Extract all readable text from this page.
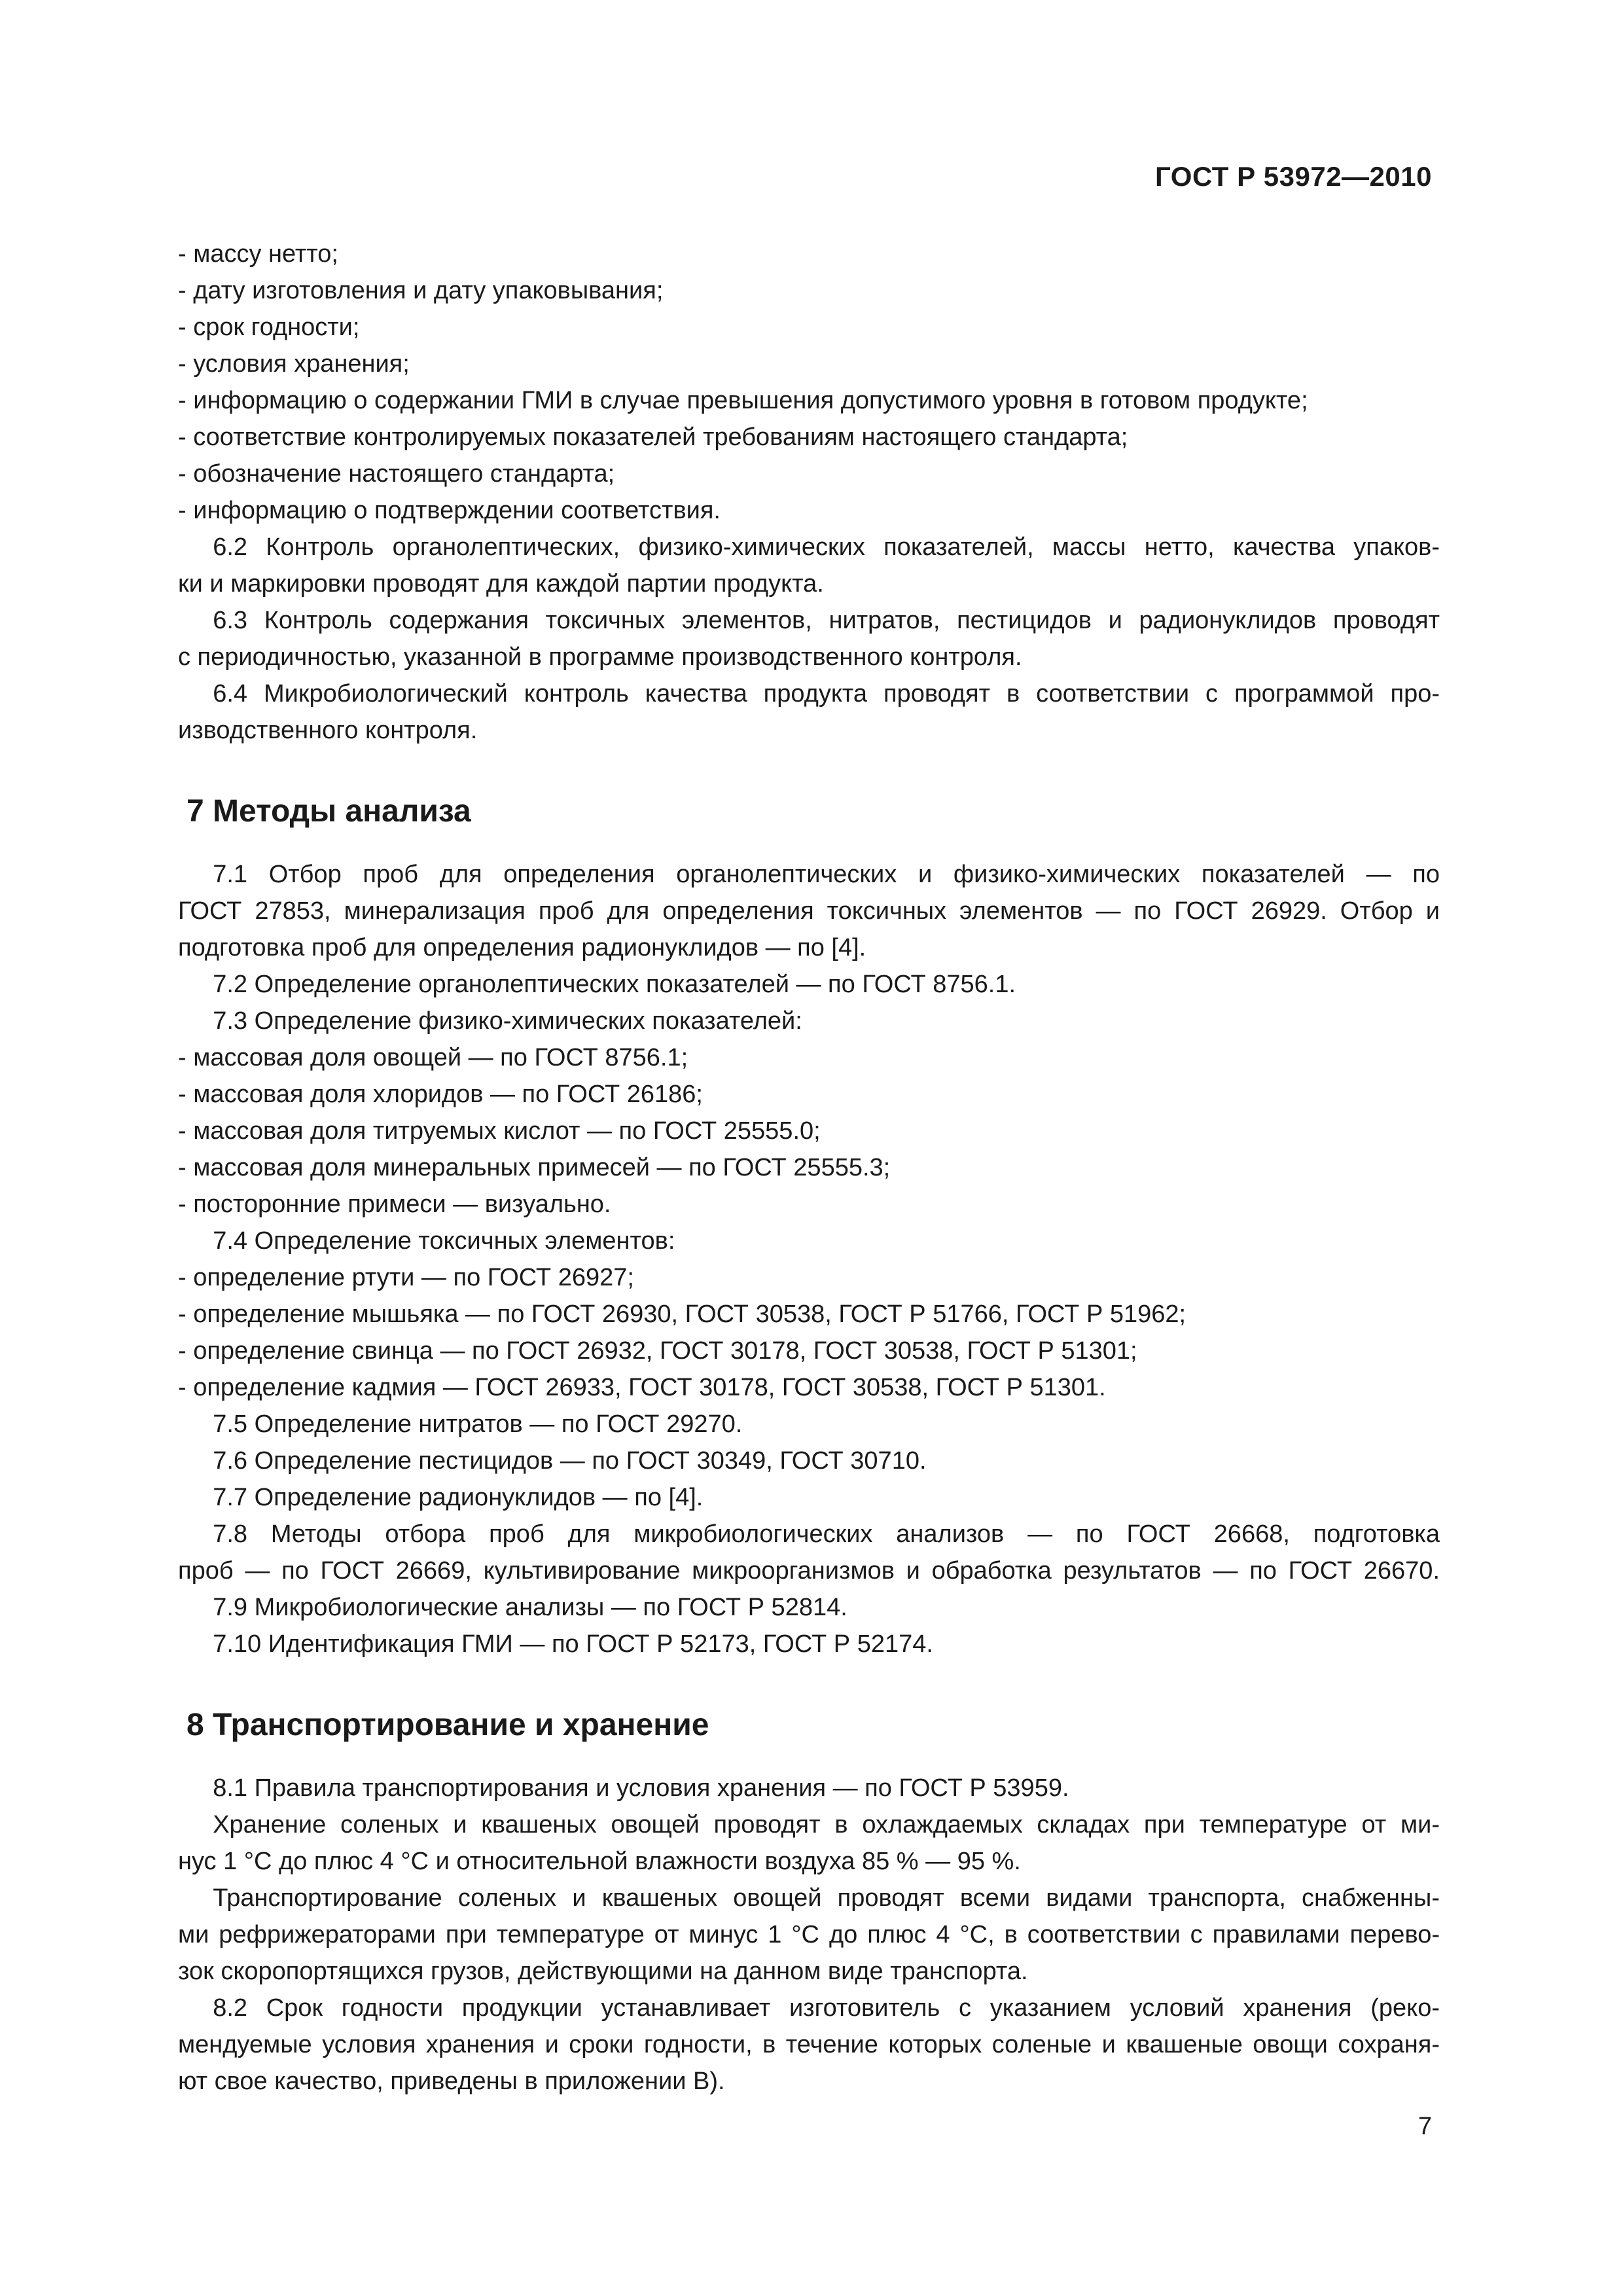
ГОСТ Р 53972—2010

- массу нетто;

- дату изготовления и дату упаковывания;

- срок годности;

- условия хранения;

- информацию о содержании ГМИ в случае превышения допустимого уровня в готовом продукте;

- соответствие контролируемых показателей требованиям настоящего стандарта;

- обозначение настоящего стандарта;

- информацию о подтверждении соответствия.

6.2 Контроль органолептических, физико-химических показателей, массы нетто, качества упаков-

ки и маркировки проводят для каждой партии продукта.

6.3 Контроль содержания токсичных элементов, нитратов, пестицидов и радионуклидов проводят

с периодичностью, указанной в программе производственного контроля.

6.4 Микробиологический контроль качества продукта проводят в соответствии с программой про-

изводственного контроля.

7 Методы анализа

7.1 Отбор проб для определения органолептических и физико-химических показателей — по

ГОСТ 27853, минерализация проб для определения токсичных элементов — по ГОСТ 26929. Отбор и

подготовка проб для определения радионуклидов — по [4].

7.2 Определение органолептических показателей — по ГОСТ 8756.1.

7.3 Определение физико-химических показателей:

- массовая доля овощей — по ГОСТ 8756.1;

- массовая доля хлоридов — по ГОСТ 26186;

- массовая доля титруемых кислот — по ГОСТ 25555.0;

- массовая доля минеральных примесей — по ГОСТ 25555.3;

- посторонние примеси — визуально.

7.4 Определение токсичных элементов:

- определение ртути — по ГОСТ 26927;

- определение мышьяка — по ГОСТ 26930, ГОСТ 30538, ГОСТ Р 51766, ГОСТ Р 51962;

- определение свинца — по ГОСТ 26932, ГОСТ 30178, ГОСТ 30538, ГОСТ Р 51301;

- определение кадмия — ГОСТ 26933, ГОСТ 30178, ГОСТ 30538, ГОСТ Р 51301.

7.5 Определение нитратов — по ГОСТ 29270.

7.6 Определение пестицидов — по ГОСТ 30349, ГОСТ 30710.

7.7 Определение радионуклидов — по [4].

7.8 Методы отбора проб для микробиологических анализов — по ГОСТ 26668, подготовка

проб — по ГОСТ 26669, культивирование микроорганизмов и обработка результатов — по ГОСТ 26670.

7.9 Микробиологические анализы — по ГОСТ Р 52814.

7.10 Идентификация ГМИ — по ГОСТ Р 52173, ГОСТ Р 52174.

8 Транспортирование и хранение

8.1 Правила транспортирования и условия хранения — по ГОСТ Р 53959.

Хранение соленых и квашеных овощей проводят в охлаждаемых складах при температуре от ми-

нус 1 °С до плюс 4 °С и относительной влажности воздуха 85 % — 95 %.

Транспортирование соленых и квашеных овощей проводят всеми видами транспорта, снабженны-

ми рефрижераторами при температуре от минус 1 °С до плюс 4 °С, в соответствии с правилами перево-

зок скоропортящихся грузов, действующими на данном виде транспорта.

8.2 Срок годности продукции устанавливает изготовитель с указанием условий хранения (реко-

мендуемые условия хранения и сроки годности, в течение которых соленые и квашеные овощи сохраня-

ют свое качество, приведены в приложении В).

7
